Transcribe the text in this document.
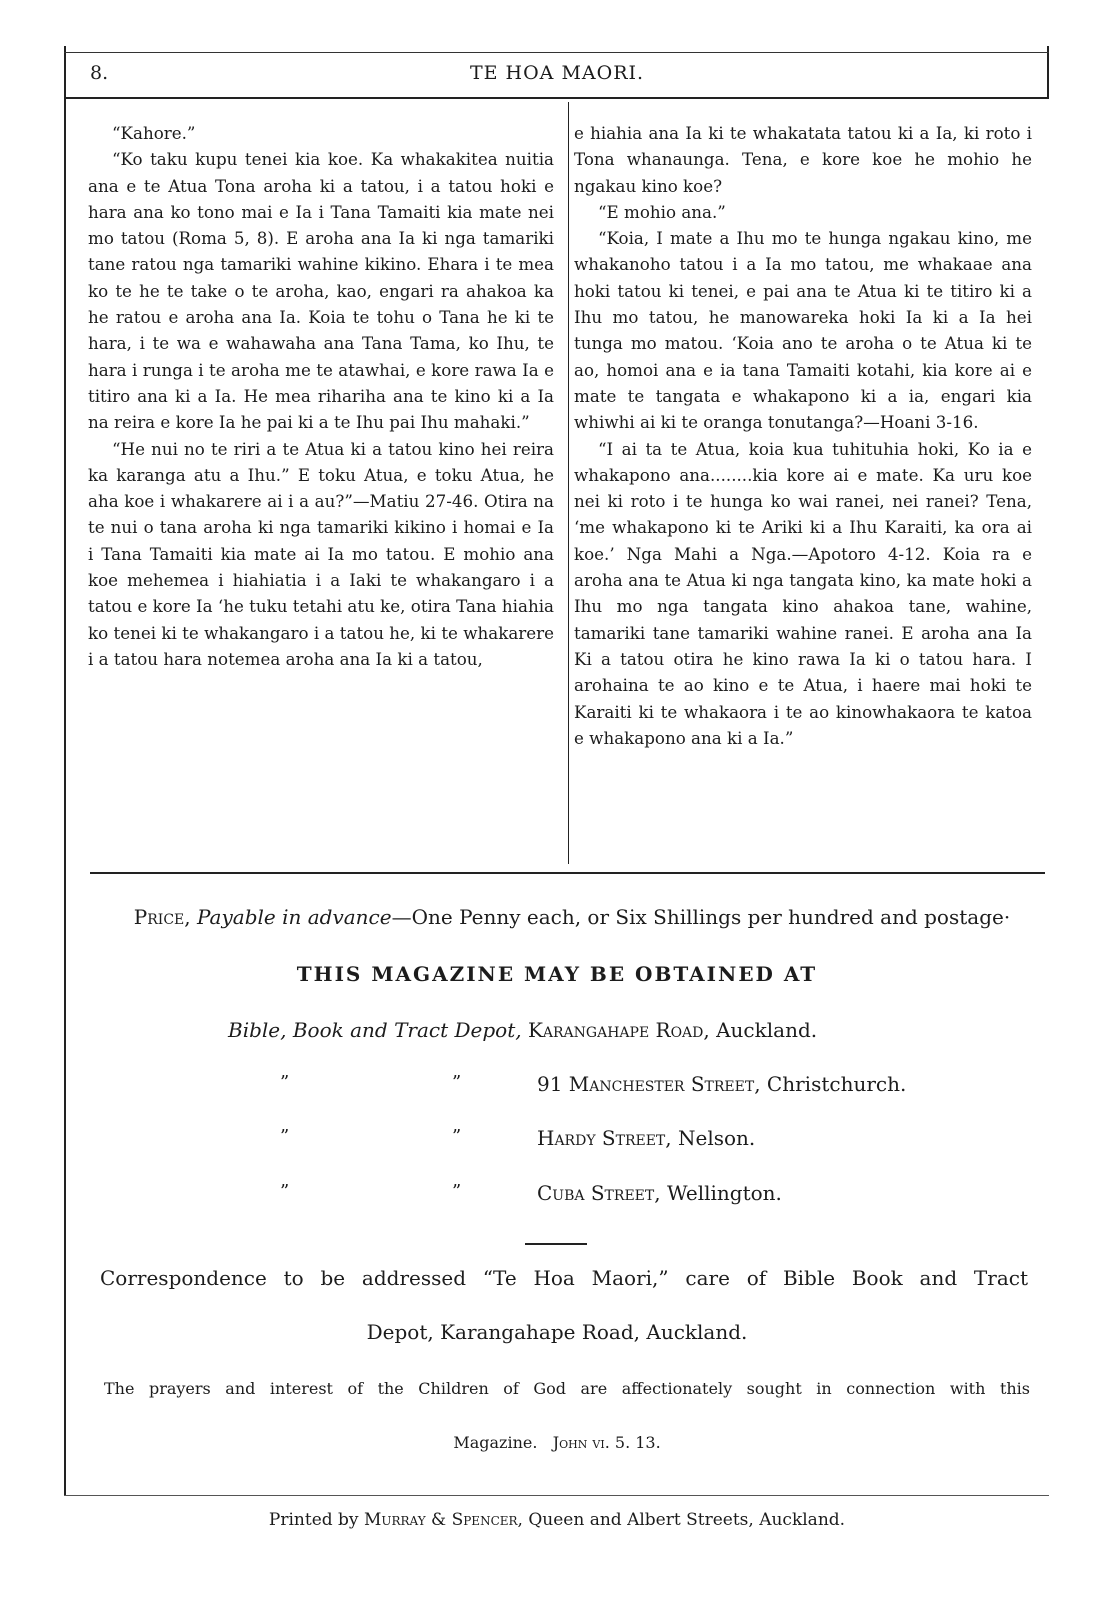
8.	TE HOA MAORI.

“Kahore.”

“Ko taku kupu tenei kia koe. Ka whakakitea nuitia ana e te Atua Tona aroha ki a tatou, i a tatou hoki e hara ana ko tono mai e Ia i Tana Tamaiti kia mate nei mo tatou (Roma 5, 8). E aroha ana Ia ki nga tamariki tane ratou nga tamariki wahine kikino. Ehara i te mea ko te he te take o te aroha, kao, engari ra ahakoa ka he ratou e aroha ana Ia. Koia te tohu o Tana he ki te hara, i te wa e wahawaha ana Tana Tama, ko Ihu, te hara i runga i te aroha me te atawhai, e kore rawa Ia e titiro ana ki a Ia. He mea rihariha ana te kino ki a Ia na reira e kore Ia he pai ki a te Ihu pai Ihu mahaki.”

“He nui no te riri a te Atua ki a tatou kino hei reira ka karanga atu a Ihu.” E toku Atua, e toku Atua, he aha koe i whakarere ai i a au?”—Matiu 27-46. Otira na te nui o tana aroha ki nga tamariki kikino i homai e Ia i Tana Tamaiti kia mate ai Ia mo tatou. E mohio ana koe mehemea i hiahiatia i a Iaki te whakangaro i a tatou e kore Ia ‘he tuku tetahi atu ke, otira Tana hiahia ko tenei ki te whakangaro i a tatou he, ki te whakarere i a tatou hara notemea aroha ana Ia ki a tatou,

e hiahia ana Ia ki te whakatata tatou ki a Ia, ki roto i Tona whanaunga. Tena, e kore koe he mohio he ngakau kino koe?

“E mohio ana.”

“Koia, I mate a Ihu mo te hunga ngakau kino, me whakanoho tatou i a Ia mo tatou, me whakaae ana hoki tatou ki tenei, e pai ana te Atua ki te titiro ki a Ihu mo tatou, he manowareka hoki Ia ki a Ia hei tunga mo matou. ‘Koia ano te aroha o te Atua ki te ao, homoi ana e ia tana Tamaiti kotahi, kia kore ai e mate te tangata e whakapono ki a ia, engari kia whiwhi ai ki te oranga tonutanga?—Hoani 3-16.

“I ai ta te Atua, koia kua tuhituhia hoki, Ko ia e whakapono ana........kia kore ai e mate. Ka uru koe nei ki roto i te hunga ko wai ranei, nei ranei? Tena, ‘me whakapono ki te Ariki ki a Ihu Karaiti, ka ora ai koe.’ Nga Mahi a Nga.—Apotoro 4-12. Koia ra e aroha ana te Atua ki nga tangata kino, ka mate hoki a Ihu mo nga tangata kino ahakoa tane, wahine, tamariki tane tamariki wahine ranei. E aroha ana Ia Ki a tatou otira he kino rawa Ia ki o tatou hara. I arohaina te ao kino e te Atua, i haere mai hoki te Karaiti ki te whakaora i te ao kinowhakaora te katoa e whakapono ana ki a Ia.”

Price, Payable in advance—One Penny each, or Six Shillings per hundred and postage·
THIS MAGAZINE MAY BE OBTAINED AT
Bible, Book and Tract Depot, Karangahape Road, Auckland.
”	”	91 Manchester Street, Christchurch.
”	”	Hardy Street, Nelson.
”	”	Cuba Street, Wellington.
Correspondence to be addressed “Te Hoa Maori,” care of Bible Book and Tract
Depot, Karangahape Road, Auckland.
The prayers and interest of the Children of God are affectionately sought in connection with this
Magazine. John vi. 5. 13.
Printed by Murray & Spencer, Queen and Albert Streets, Auckland.
